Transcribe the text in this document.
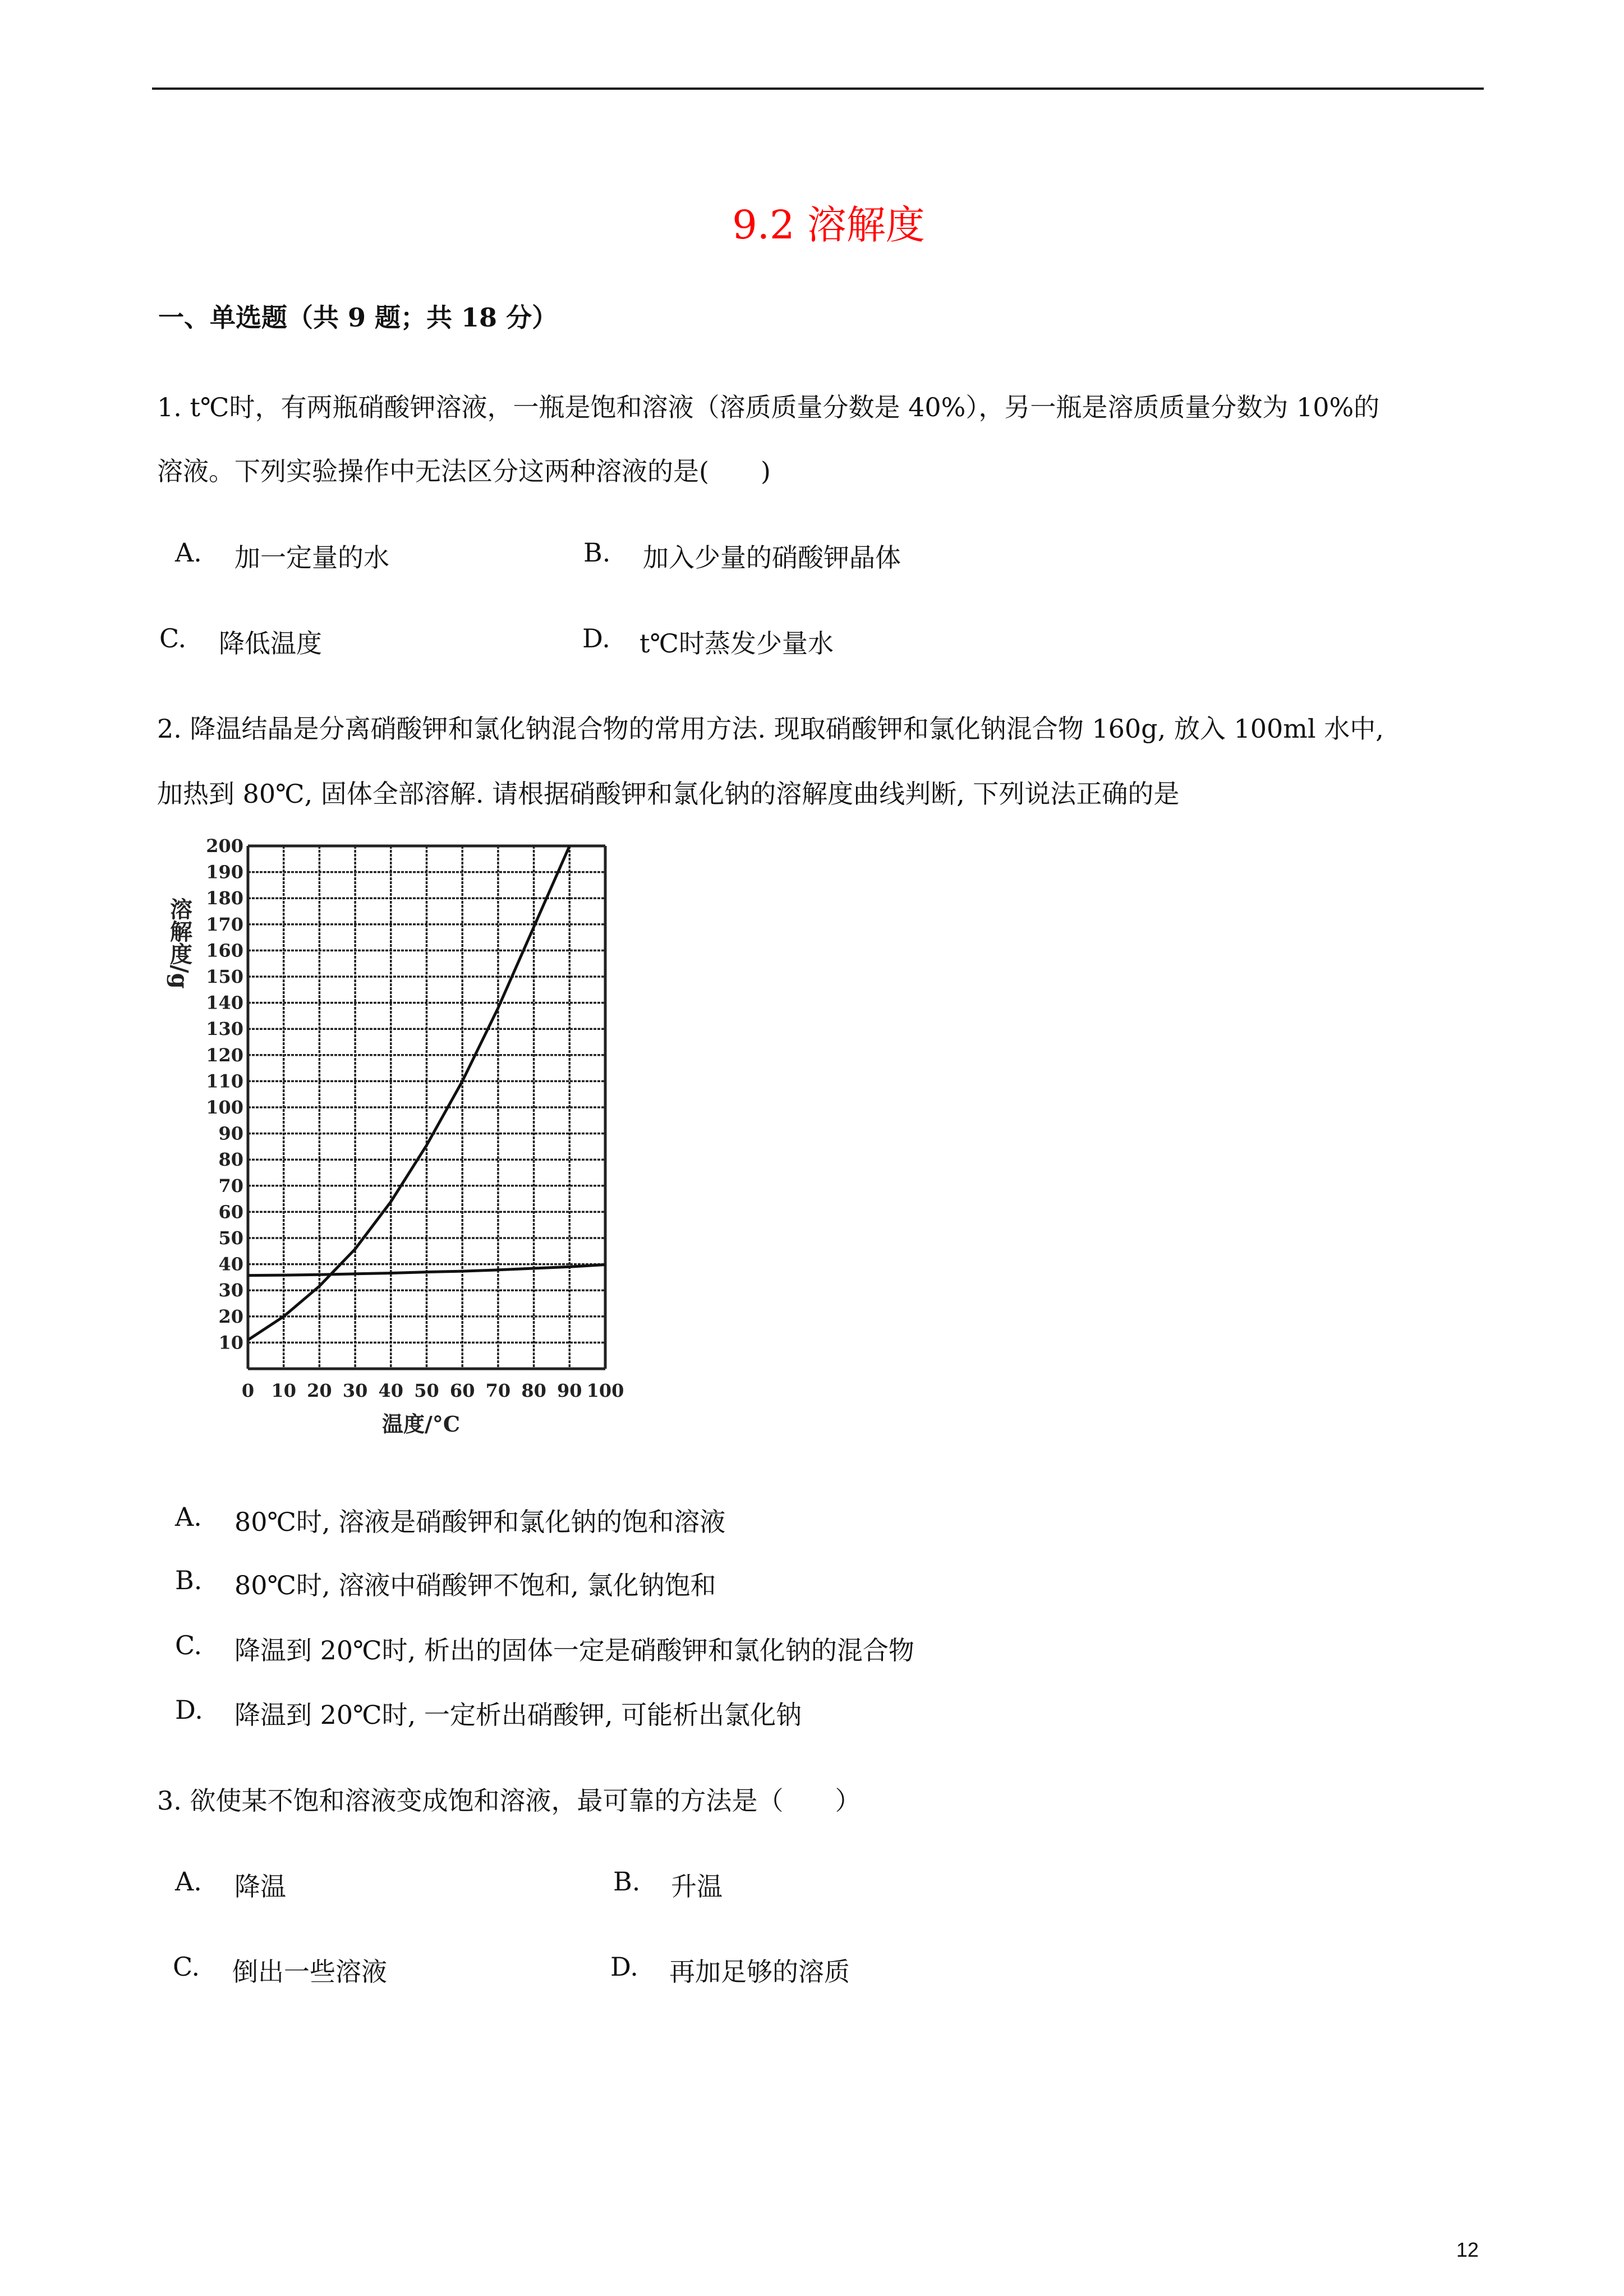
9.2 溶解度
一、单选题（共 9 题；共 18 分）
1. t℃时，有两瓶硝酸钾溶液，一瓶是饱和溶液（溶质质量分数是 40%），另一瓶是溶质质量分数为 10%的
溶液。下列实验操作中无法区分这两种溶液的是(　　)
A. 加一定量的水	B. 加入少量的硝酸钾晶体
C. 降低温度	D. t℃时蒸发少量水
2. 降温结晶是分离硝酸钾和氯化钠混合物的常用方法. 现取硝酸钾和氯化钠混合物 160g, 放入 100ml 水中,
加热到 80℃, 固体全部溶解. 请根据硝酸钾和氯化钠的溶解度曲线判断, 下列说法正确的是
溶解度/g
0 10 20 30 40 50 60 70 80 90 100
10
20
30
40
50
60
70
80
90
100
110
120
130
140
150
160
170
180
190
200
温度/°C
A. 80℃时, 溶液是硝酸钾和氯化钠的饱和溶液
B. 80℃时, 溶液中硝酸钾不饱和, 氯化钠饱和
C. 降温到 20℃时, 析出的固体一定是硝酸钾和氯化钠的混合物
D. 降温到 20℃时, 一定析出硝酸钾, 可能析出氯化钠
3. 欲使某不饱和溶液变成饱和溶液，最可靠的方法是（　　）
A. 降温	B. 升温
C. 倒出一些溶液	D. 再加足够的溶质
12
